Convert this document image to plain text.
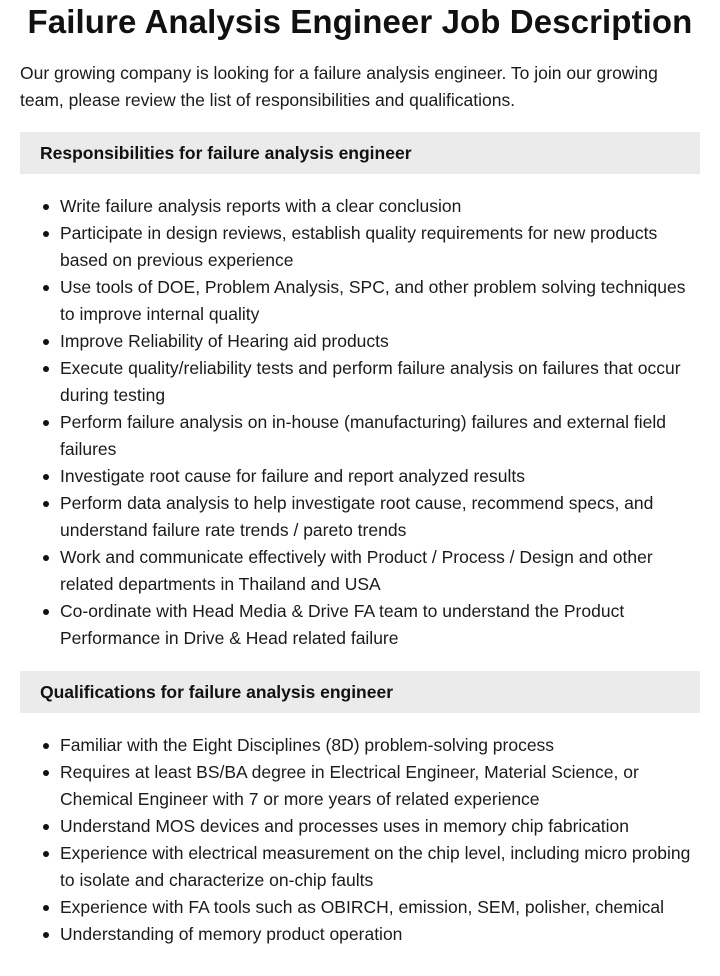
Failure Analysis Engineer Job Description

Our growing company is looking for a failure analysis engineer. To join our growing team, please review the list of responsibilities and qualifications.

Responsibilities for failure analysis engineer
Write failure analysis reports with a clear conclusion
Participate in design reviews, establish quality requirements for new products based on previous experience
Use tools of DOE, Problem Analysis, SPC, and other problem solving techniques to improve internal quality
Improve Reliability of Hearing aid products
Execute quality/reliability tests and perform failure analysis on failures that occur during testing
Perform failure analysis on in-house (manufacturing) failures and external field failures
Investigate root cause for failure and report analyzed results
Perform data analysis to help investigate root cause, recommend specs, and understand failure rate trends / pareto trends
Work and communicate effectively with Product / Process / Design and other related departments in Thailand and USA
Co-ordinate with Head Media & Drive FA team to understand the Product Performance in Drive & Head related failure
Qualifications for failure analysis engineer
Familiar with the Eight Disciplines (8D) problem-solving process
Requires at least BS/BA degree in Electrical Engineer, Material Science, or Chemical Engineer with 7 or more years of related experience
Understand MOS devices and processes uses in memory chip fabrication
Experience with electrical measurement on the chip level, including micro probing to isolate and characterize on-chip faults
Experience with FA tools such as OBIRCH, emission, SEM, polisher, chemical
Understanding of memory product operation
